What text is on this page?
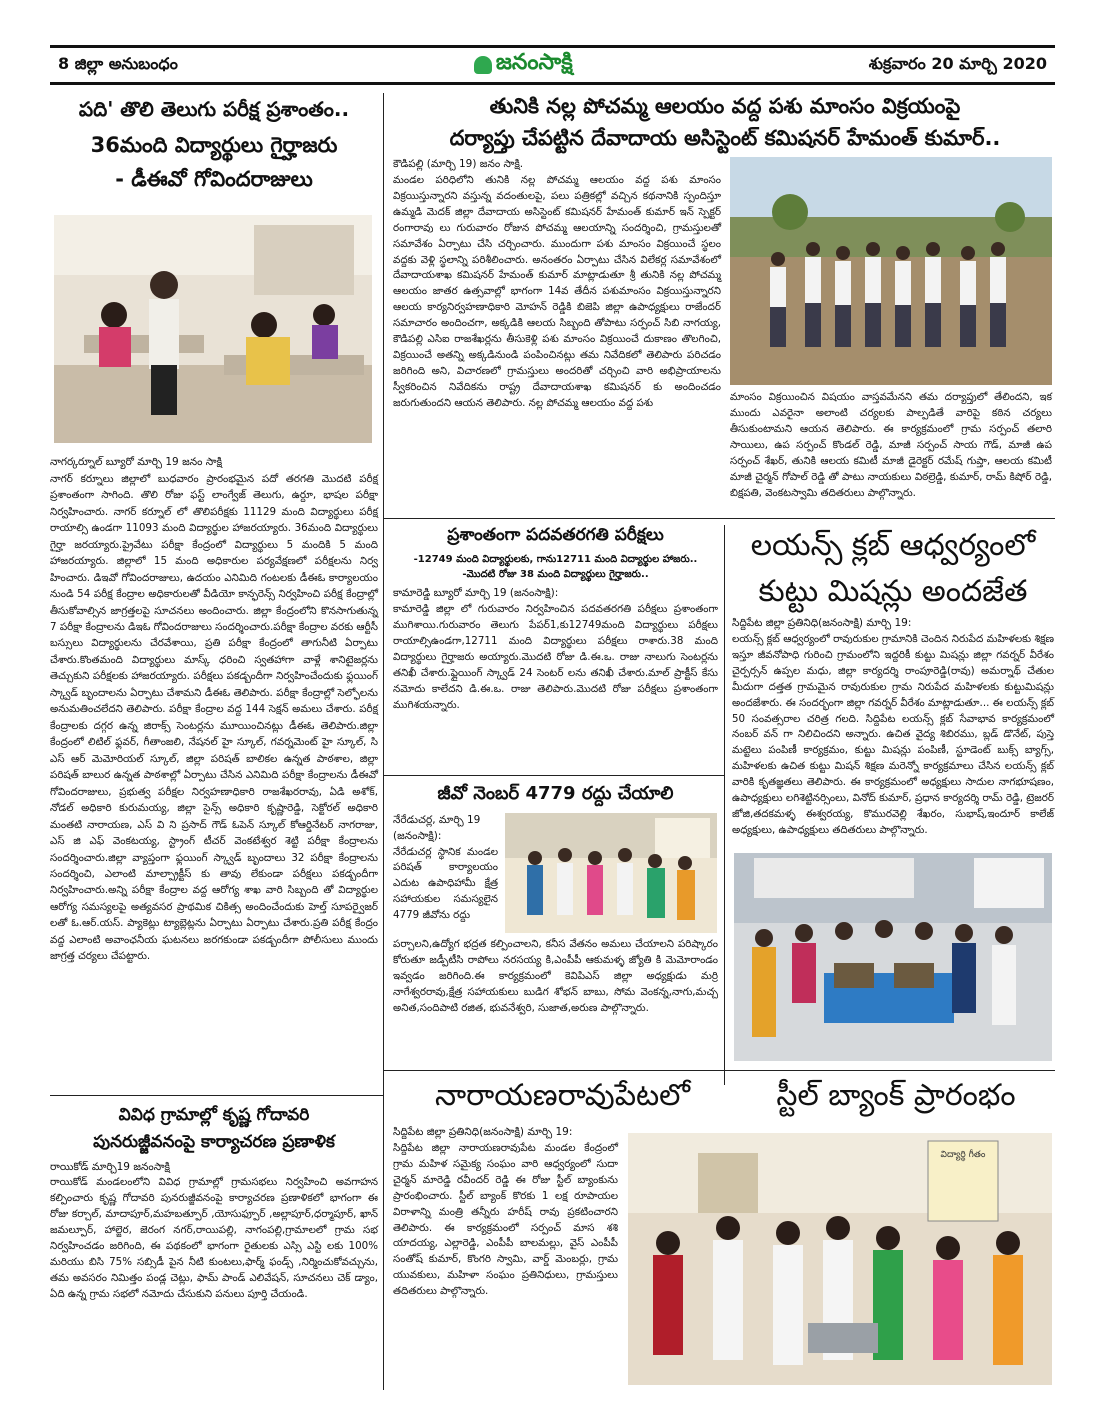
8 జిల్లా అనుబంధం	జనంసాక్షి	శుక్రవారం 20 మార్చి 2020
పది' తొలి తెలుగు పరీక్ష ప్రశాంతం..
36మంది విద్యార్థులు గైర్హాజరు
- డీఈవో గోవిందరాజులు
నాగర్కర్నూల్ బ్యూరో మార్చి 19 జనం సాక్షి
నాగర్ కర్నూలు జిల్లాలో బుధవారం ప్రారంభమైన పదో తరగతి మొదటి పరీక్ష ప్రశాంతంగా సాగింది. తొలి రోజు ఫస్ట్ లాంగ్వేజ్ తెలుగు, ఉర్దూ, భాషల పరీక్షా నిర్వహించారు. నాగర్ కర్నూల్ లో తొలిపరీక్షకు 11129 మంది విద్యార్థులు పరీక్ష రాయాల్సి ఉండగా 11093 మంది విద్యార్థుల హాజరయ్యారు. 36మంది విద్యార్థులు గైర్హా జరయ్యారు.ప్రైవేటు పరీక్షా కేంద్రంలో విద్యార్థులు 5 మందికి 5 మంది హాజరయ్యారు. జిల్లాలో 15 మంది అధికారుల పర్యవేక్షణలో పరీక్షలను నిర్వ హించారు. డిఇవో గోవిందరాజులు, ఉదయం ఎనిమిది గంటలకు డీఈఓ కార్యాలయం నుండి 54 పరీక్ష కేంద్రాల అధికారులతో వీడియో కాన్ఫరెన్స్ నిర్వహించి పరీక్ష కేంద్రాల్లో తీసుకోవాల్సిన జాగ్రత్తలపై సూచనలు అందించారు. జిల్లా కేంద్రంలోని కొనసాగుతున్న 7 పరీక్షా కేంద్రాలను డిఇఓ గోవిందరాజులు సందర్శించారు.పరీక్షా కేంద్రాల వరకు ఆర్టీసీ బస్సులు విద్యార్థులను చేరవేశాయి, ప్రతి పరీక్షా కేంద్రంలో తాగునీటి ఏర్పాటు చేశారు.కొంతమంది విద్యార్థులు మాస్క్ ధరించి స్వతహాగా వాళ్లే శానిటైజర్లను తెచ్చుకుని పరీక్షలకు హాజరయ్యారు. పరీక్షలు పకడ్బందీగా నిర్వహించేందుకు ఫ్లయింగ్ స్క్వాడ్ బృందాలను ఏర్పాటు చేశామని డీఈఓ తెలిపారు. పరీక్షా కేంద్రాల్లో సెల్ఫోలను అనుమతించలేదని తెలిపారు. పరీక్షా కేంద్రాల వద్ద 144 సెక్షన్ అమలు చేశారు. పరీక్ష కేంద్రాలకు దగ్గర ఉన్న జిరాక్స్ సెంటర్లను మూయించినట్లు డీఈఓ తెలిపారు.జిల్లా కేంద్రంలో లిటిల్ ఫ్లవర్, గీతాంజలి, నేషనల్ హై స్కూల్, గవర్నమెంట్ హై స్కూల్, సి ఎస్ ఆర్ మెమోరియల్ స్కూల్, జిల్లా పరిషత్ బాలికల ఉన్నత పాఠశాల, జిల్లా పరిషత్ బాలుర ఉన్నత పాఠశాల్లో ఏర్పాటు చేసిన ఎనిమిది పరీక్షా కేంద్రాలను డీఈవో గోవిందరాజులు, ప్రభుత్వ పరీక్షల నిర్వహణాధికారి రాజశేఖరరావు, ఏడి అశోక్, నోడల్ అధికారి కురుమయ్య, జిల్లా సైన్స్ అధికారి కృష్ణారెడ్డి, సెక్టోరల్ అధికారి మంతటి నారాయణ, ఎస్ వి ని ప్రసాద్ గౌడ్ ఓపెన్ స్కూల్ కోఆర్డినేటర్ నాగరాజు, ఎస్ జి ఎఫ్ వెంకటయ్య, స్ట్రాంగ్ టీచర్ వెంకటేశ్వర శెట్టి పరీక్షా కేంద్రాలను సందర్శించారు.జిల్లా వ్యాప్తంగా ఫ్లయింగ్ స్క్వాడ్ బృందాలు 32 పరీక్షా కేంద్రాలను సందర్శించి, ఎలాంటి మాల్ప్రాక్టీస్ కు తావు లేకుండా పరీక్షలు పకడ్బందీగా నిర్వహించారు.అన్ని పరీక్షా కేంద్రాల వద్ద ఆరోగ్య శాఖ వారి సిబ్బంది తో విద్యార్థుల ఆరోగ్య సమస్యలపై అత్యవసర ప్రాథమిక చికిత్స అందించేందుకు హెల్త్ సూపర్వైజర్ లతో ఓ.ఆర్.యస్. ప్యాకెట్లు ట్యాబ్లెట్లను ఏర్పాటు ఏర్పాటు చేశారు.ప్రతి పరీక్ష కేంద్రం వద్ద ఎలాంటి అవాంఛనీయ ఘటనలు జరగకుండా పకడ్బందీగా పోలీసులు ముందు జాగ్రత్త చర్యలు చేపట్టారు.
వివిధ గ్రామాల్లో కృష్ణ గోదావరి
పునరుజ్జీవనంపై కార్యాచరణ ప్రణాళిక
రాయికోడ్ మార్చి19 జనంసాక్షి
రాయికోడ్ మండలంలోని వివిధ గ్రామాల్లో గ్రామసభలు నిర్వహించి అవగాహన కల్పించారు కృష్ణ గోదావరి పునరుజ్జీవనంపై కార్యాచరణ ప్రణాళికలో భాగంగా ఈ రోజు కర్చాల్, మాదాపూర్,మహబత్పూర్ ,యోసుఫ్పూర్ ,అల్లాపూర్,ధర్మాపూర్, ఖాన్ జమల్పూర్, హాల్జెర, జెరంగ నగర్,రాయిపల్లి, నాగంపల్లి,గ్రామాలలో గ్రామ సభ నిర్వహించడం జరిగింది, ఈ పథకంలో భాగంగా రైతులకు ఎస్సి ఎస్టి లకు 100% మరియు బిసి 75% సబ్సిడీ పైన నీటి కుంటలు,ఫార్మ్ ఫండ్స్ ,నిర్మించుకోవచ్చును, తమ అవసరం నిమిత్తం పండ్ల చెట్లు, ఫామ్ పాండ్ ఎలివేషన్, సూచనలు చెక్ డ్యాం, ఏది ఉన్న గ్రామ సభలో నమోదు చేసుకుని పనులు పూర్తి చేయండి.
తునికి నల్ల పోచమ్మ ఆలయం వద్ద పశు మాంసం విక్రయంపై
దర్యాప్తు చేపట్టిన దేవాదాయ అసిస్టెంట్ కమిషనర్ హేమంత్ కుమార్..
కౌడిపల్లి (మార్చి 19) జనం సాక్షి.
మండల పరిధిలోని తునికి నల్ల పోచమ్మ ఆలయం వద్ద పశు మాంసం విక్రయిస్తున్నారని వస్తున్న వదంతులపై, పలు పత్రికల్లో వచ్చిన కథనానికి స్పందిస్తూ ఉమ్మడి మెదక్ జిల్లా దేవాదాయ అసిస్టెంట్ కమిషనర్ హేమంత్ కుమార్ ఇన్ స్పెక్టర్ రంగారావు లు గురువారం రోజున పోచమ్మ ఆలయాన్ని సందర్శించి, గ్రామస్తులతో సమావేశం ఏర్పాటు చేసి చర్చించారు. ముందుగా పశు మాంసం విక్రయించే స్థలం వద్దకు వెళ్లి స్థలాన్ని పరిశీలించారు. అనంతరం ఏర్పాటు చేసిన విలేకర్ల సమావేశంలో దేవాదాయశాఖ కమిషనర్ హేమంత్ కుమార్ మాట్లాడుతూ శ్రీ తునికి నల్ల పోచమ్మ ఆలయం జాతర ఉత్సవాల్లో భాగంగా 14వ తేదీన పశుమాంసం విక్రయిస్తున్నారని ఆలయ కార్యనిర్వహణాధికారి మోహన్ రెడ్డికి బిజెపి జిల్లా ఉపాధ్యక్షులు రాజేందర్ సమాచారం అందించగా, అక్కడికి ఆలయ సిబ్బంది తోపాటు సర్పంచ్ సిబి నాగయ్య, కౌడిపల్లి ఎసిఐ రాజశేఖర్లను తీసుకెళ్లి పశు మాంసం విక్రయించే దుకాణం తొలగించి, విక్రయించే అతన్ని అక్కడినుండి పంపించినట్లు తమ నివేదికలో తెలిపారు పరిచడం జరిగింది అని, విచారణలో గ్రామస్తులు అందరితో చర్చించి వారి అభిప్రాయాలను స్వీకరించిన నివేదికను రాష్ట్ర దేవాదాయశాఖ కమిషనర్ కు అందించడం జరుగుతుందని ఆయన తెలిపారు. నల్ల పోచమ్మ ఆలయం వద్ద పశు
మాంసం విక్రయించిన విషయం వాస్తవమేనని తమ దర్యాప్తులో తేలిందని, ఇక ముందు ఎవరైనా అలాంటి చర్యలకు పాల్పడితే వారిపై కఠిన చర్యలు తీసుకుంటామని ఆయన తెలిపారు. ఈ కార్యక్రమంలో గ్రామ సర్పంచ్ తలారి సాయిలు, ఉప సర్పంచ్ కొండల్ రెడ్డి, మాజీ సర్పంచ్ సాయ గౌడ్, మాజీ ఉప సర్పంచ్ శేఖర్, తునికి ఆలయ కమిటీ మాజీ డైరెక్టర్ రమేష్ గుప్తా, ఆలయ కమిటీ మాజీ చైర్మన్ గోపాల్ రెడ్డి తో పాటు నాయకులు విఠల్రెడ్డి, కుమార్, రామ్ కిషోర్ రెడ్డి, బిక్షపతి, వెంకటస్వామి తదితరులు పాల్గొన్నారు.
ప్రశాంతంగా పదవతరగతి పరీక్షలు
-12749 మంది విద్యార్థులకు, గాను12711 మంది విద్యార్థుల హాజరు..
-మొదటి రోజు 38 మంది విద్యార్థులు గైర్హాజరు..
కామారెడ్డి బ్యూరో మార్చి 19 (జనంసాక్షి):
కామారెడ్డి జిల్లా లో గురువారం నిర్వహించిన పదవతరగతి పరీక్షలు ప్రశాంతంగా ముగిశాయి.గురువారం తెలుగు పేపర్1,కు12749మంది విద్యార్థులు పరీక్షలు రాయాల్సిఉండగా,12711 మంది విద్యార్థులు పరీక్షలు రాశారు.38 మంది విద్యార్థులు గైర్హాజరు అయ్యారు.మొదటి రోజు డి.ఈ.ఒ. రాజు నాలుగు సెంటర్లను తనిఖీ చేశారు.ఫ్లైయింగ్ స్క్వాడ్ 24 సెంటర్ లను తనిఖీ చేశారు.మాల్ ప్రాక్టీస్ కేసు నమోదు కాలేదని డి.ఈ.ఒ. రాజు తెలిపారు.మొదటి రోజు పరీక్షలు ప్రశాంతంగా ముగిశయన్నారు.
జీవో నెంబర్ 4779 రద్దు చేయాలి
నేరేడుచర్ల, మార్చి 19 (జనంసాక్షి):
నేరేడుచర్ల స్థానిక మండల పరిషత్ కార్యాలయం ఎదుట ఉపాధిహామీ క్షేత్ర సహాయకుల సమస్యలైన 4779 జీవోను రద్దు
పర్చాలని,ఉద్యోగ భద్రత కల్పించాలని, కనీస వేతనం అమలు చేయాలని పరిష్కారం కోరుతూ జడ్పీటీసి రాపోలు నరసయ్య కి,ఎంపీపీ ఆకుమళ్ళ జ్యోతి కి మెమోరాండం ఇవ్వడం జరిగింది.ఈ కార్యక్రమంలో కెవిపిఎస్ జిల్లా అధ్యక్షుడు మర్రి నాగేశ్వరరావు,క్షేత్ర సహాయకులు బుడిగ శోభన్ బాబు, సోమ వెంకన్న,నాగు,మచ్చ అనిత,సందిపాటి రజిత, భువనేశ్వరి, సుజాత,అరుణ పాల్గొన్నారు.
లయన్స్ క్లబ్ ఆధ్వర్యంలో
కుట్టు మిషన్లు అందజేత
సిద్దిపేట జిల్లా ప్రతినిధి(జనంసాక్షి) మార్చి 19:
లయన్స్ క్లబ్ ఆధ్వర్యంలో రావురుకుల గ్రామానికి చెందిన నిరుపేద మహిళలకు శిక్షణ ఇస్తూ జీవనోపాధి గురించి గ్రామంలోని ఇద్దరికీ కుట్టు మిషన్లు జిల్లా గవర్నర్ వీరేశం చైర్పర్సన్ ఉప్పల మధు, జిల్లా కార్యదర్శి రాంపూరెడ్డి(రావు) అమర్నాథ్ చేతుల మీదుగా దత్తత గ్రామమైన రావురుకుల గ్రామ నిరుపేద మహిళలకు కుట్టుమిషన్లు అందజేశారు. ఈ సందర్భంగా జిల్లా గవర్నర్ వీరేశం మాట్లాడుతూ... ఈ లయన్స్ క్లబ్ 50 సంవత్సరాల చరిత్ర గలది. సిద్దిపేట లయన్స్ క్లబ్ సేవాభావ కార్యక్రమంలో నంబర్ వన్ గా నిలిచిందని అన్నారు. ఉచిత వైద్య శిబిరము, బ్లడ్ డొనేట్, పుస్తె మట్టెలు పంపిణీ కార్యక్రమం, కుట్టు మిషన్లు పంపిణీ, స్టూడెంట్ బుక్స్ బ్యాగ్స్, మహిళలకు ఉచిత కుట్టు మిషన్ శిక్షణ మరెన్నో కార్యక్రమాలు చేసిన లయన్స్ క్లబ్ వారికి కృతజ్ఞతలు తెలిపారు. ఈ కార్యక్రమంలో అధ్యక్షులు సాదుల నాగభూషణం, ఉపాధ్యక్షులు లగిశెట్టినర్సింలు, వినోద్ కుమార్, ప్రధాన కార్యదర్శి రామ్ రెడ్డి, ట్రెజరర్ జోజి,తదకమళ్ళ ఈశ్వరయ్య, కొమురవెల్లి శేఖరం, సుభాష్,ఇందూర్ కాలేజ్ అధ్యక్షులు, ఉపాధ్యక్షులు తదితరులు పాల్గొన్నారు.
నారాయణరావుపేటలో	స్టీల్ బ్యాంక్ ప్రారంభం
సిద్దిపేట జిల్లా ప్రతినిధి(జనంసాక్షి) మార్చి 19:
సిద్దిపేట జిల్లా నారాయణరావుపేట మండల కేంద్రంలో గ్రామ మహిళ సమైక్య సంఘం వారి ఆధ్వర్యంలో సుదా చైర్మన్ మారెడ్డి రవీందర్ రెడ్డి ఈ రోజు స్టీల్ బ్యాంకును ప్రారంభించారు. స్టీల్ బ్యాంక్ కొరకు 1 లక్ష రూపాయల విరాళాన్ని మంత్రి తన్నీరు హరీష్ రావు ప్రకటించారని తెలిపారు. ఈ కార్యక్రమంలో సర్పంచ్ మాస శశి యాదయ్య, ఎల్లారెడ్డి, ఎంపీపీ బాలమల్లు, వైస్ ఎంపీపీ సంతోష్ కుమార్, కొంగరి స్వామి, వార్డ్ మెంబర్లు, గ్రామ యువకులు, మహిళా సంఘం ప్రతినిధులు, గ్రామస్తులు తదితరులు పాల్గొన్నారు.
విద్యార్థి గీతం
